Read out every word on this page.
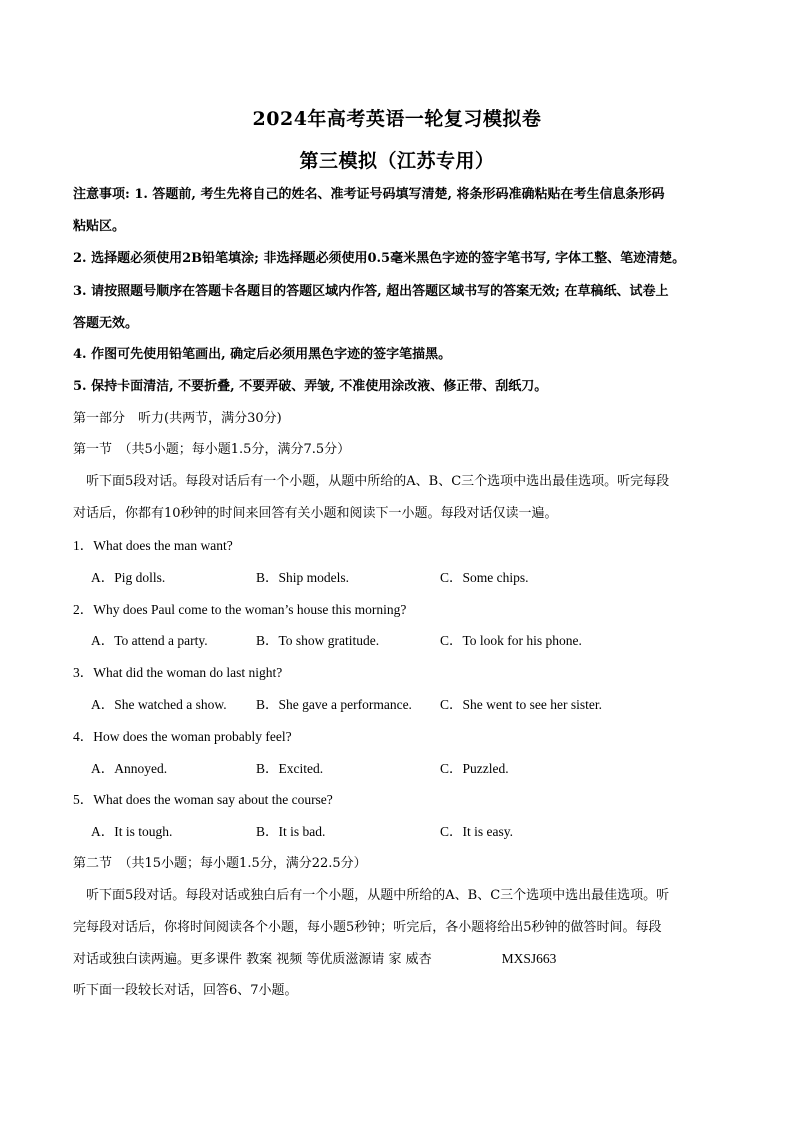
2024年高考英语一轮复习模拟卷
第三模拟（江苏专用）
注意事项: 1. 答题前, 考生先将自己的姓名、准考证号码填写清楚, 将条形码准确粘贴在考生信息条形码
粘贴区。
2. 选择题必须使用2B铅笔填涂; 非选择题必须使用0.5毫米黑色字迹的签字笔书写, 字体工整、笔迹清楚。
3. 请按照题号顺序在答题卡各题目的答题区域内作答, 超出答题区域书写的答案无效; 在草稿纸、试卷上
答题无效。
4. 作图可先使用铅笔画出, 确定后必须用黑色字迹的签字笔描黑。
5. 保持卡面清洁, 不要折叠, 不要弄破、弄皱, 不准使用涂改液、修正带、刮纸刀。
第一部分　听力(共两节，满分30分)
第一节　（共5小题；每小题1.5分，满分7.5分）
　听下面5段对话。每段对话后有一个小题，从题中所给的A、B、C三个选项中选出最佳选项。听完每段
对话后，你都有10秒钟的时间来回答有关小题和阅读下一小题。每段对话仅读一遍。
1．What does the man want?
A．Pig dolls.	B．Ship models.	C．Some chips.
2．Why does Paul come to the woman’s house this morning?
A．To attend a party.	B．To show gratitude.	C．To look for his phone.
3．What did the woman do last night?
A．She watched a show. B．She gave a performance. C．She went to see her sister.
4．How does the woman probably feel?
A．Annoyed.	B．Excited.	C．Puzzled.
5．What does the woman say about the course?
A．It is tough.	B．It is bad.	C．It is easy.
第二节　（共15小题；每小题1.5分，满分22.5分）
　听下面5段对话。每段对话或独白后有一个小题，从题中所给的A、B、C三个选项中选出最佳选项。听
完每段对话后，你将时间阅读各个小题，每小题5秒钟；听完后，各小题将给出5秒钟的做答时间。每段
对话或独白读两遍。更多课件 教案 视频 等优质滋源请 家 威杏	MXSJ663
听下面一段较长对话，回答6、7小题。
